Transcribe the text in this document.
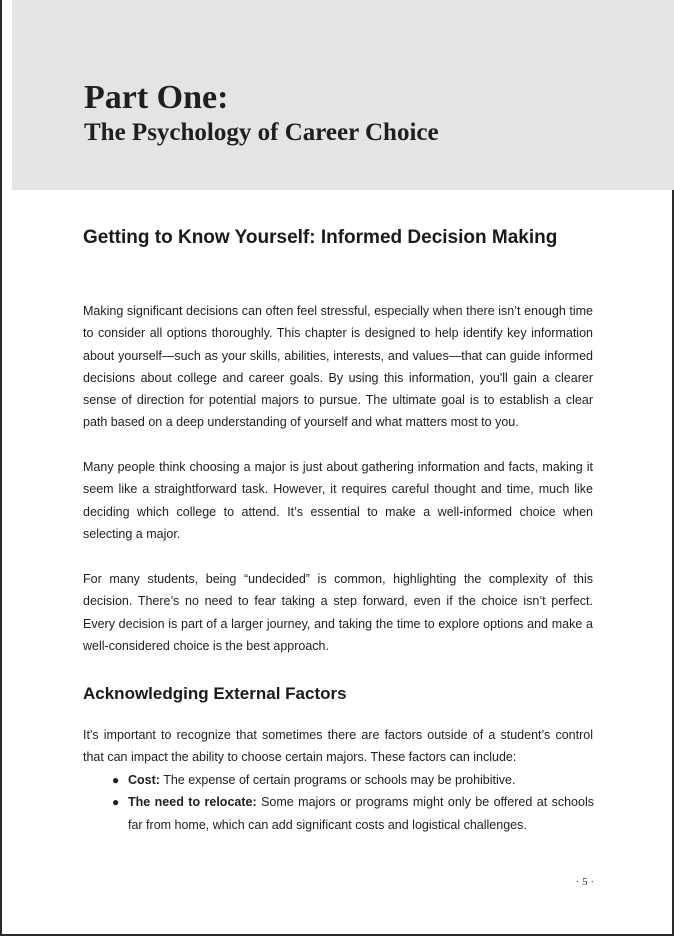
Part One:
The Psychology of Career Choice
Getting to Know Yourself: Informed Decision Making

Making significant decisions can often feel stressful, especially when there isn’t enough time to consider all options thoroughly. This chapter is designed to help identify key information about yourself—such as your skills, abilities, interests, and values—that can guide informed decisions about college and career goals. By using this information, you'll gain a clearer sense of direction for potential majors to pursue. The ultimate goal is to establish a clear path based on a deep understanding of yourself and what matters most to you.

Many people think choosing a major is just about gathering information and facts, making it seem like a straightforward task. However, it requires careful thought and time, much like deciding which college to attend. It’s essential to make a well-informed choice when selecting a major.

For many students, being “undecided” is common, highlighting the complexity of this decision. There’s no need to fear taking a step forward, even if the choice isn’t perfect. Every decision is part of a larger journey, and taking the time to explore options and make a well-considered choice is the best approach.

Acknowledging External Factors

It's important to recognize that sometimes there are factors outside of a student’s control that can impact the ability to choose certain majors. These factors can include:

● Cost: The expense of certain programs or schools may be prohibitive.
● The need to relocate: Some majors or programs might only be offered at schools far from home, which can add significant costs and logistical challenges.
· 5 ·
